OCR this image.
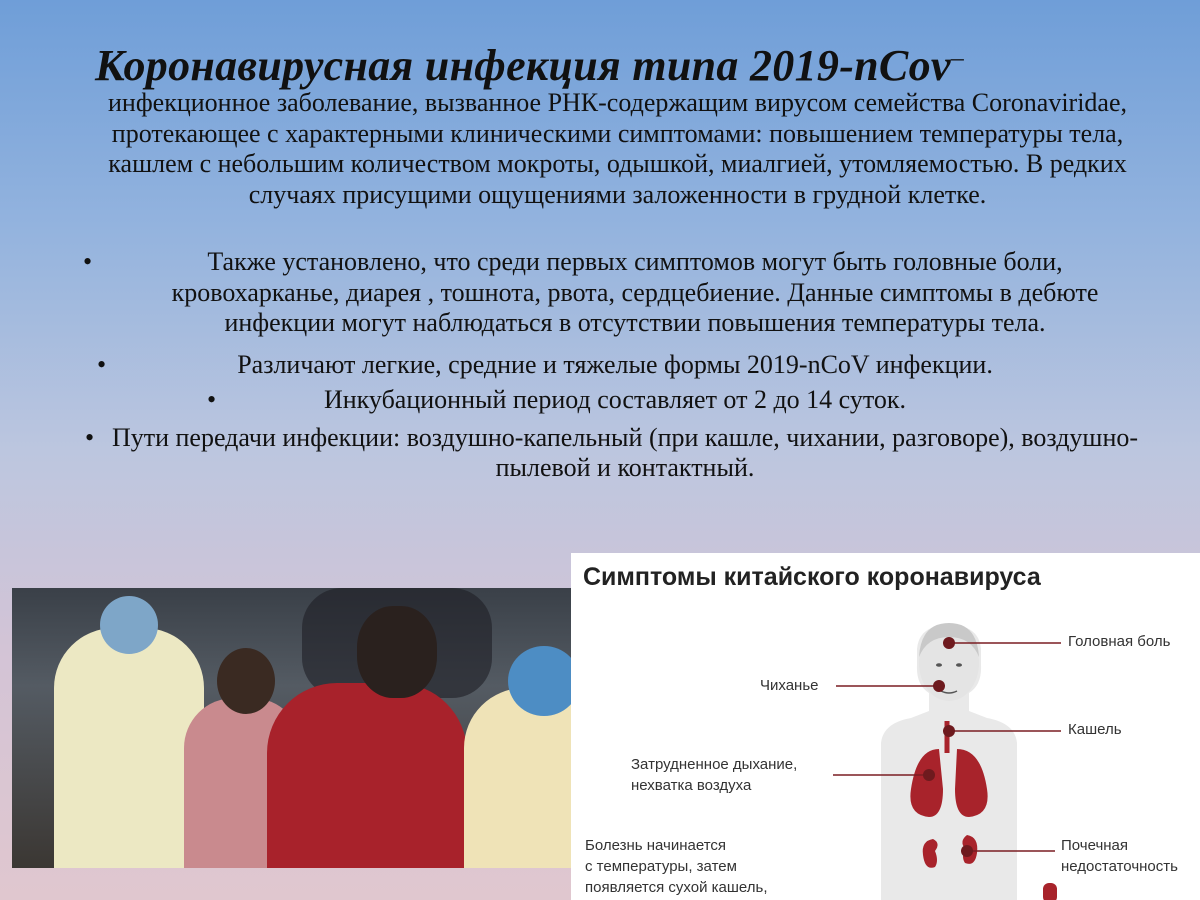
Коронавирусная инфекция типа 2019-nCov–

инфекционное заболевание, вызванное РНК-содержащим вирусом семейства Coronaviridae, протекающее с характерными клиническими симптомами: повышением температуры тела, кашлем с небольшим количеством мокроты, одышкой, миалгией, утомляемостью. В редких случаях присущими ощущениями заложенности в грудной клетке.

•	Также установлено, что среди первых симптомов могут быть головные боли, кровохарканье, диарея , тошнота, рвота, сердцебиение. Данные симптомы в дебюте инфекции могут наблюдаться в отсутствии повышения температуры тела.
•	Различают легкие, средние и тяжелые формы 2019-nCoV инфекции.
•	Инкубационный период составляет от 2 до 14 суток.
• Пути передачи инфекции: воздушно-капельный (при кашле, чихании, разговоре), воздушно-пылевой и контактный.
Симптомы китайского коронавируса
Головная боль
Чиханье
Кашель
Затрудненное дыхание,
нехватка воздуха
Почечная
недостаточность
Болезнь начинается
с температуры, затем
появляется сухой кашель,
